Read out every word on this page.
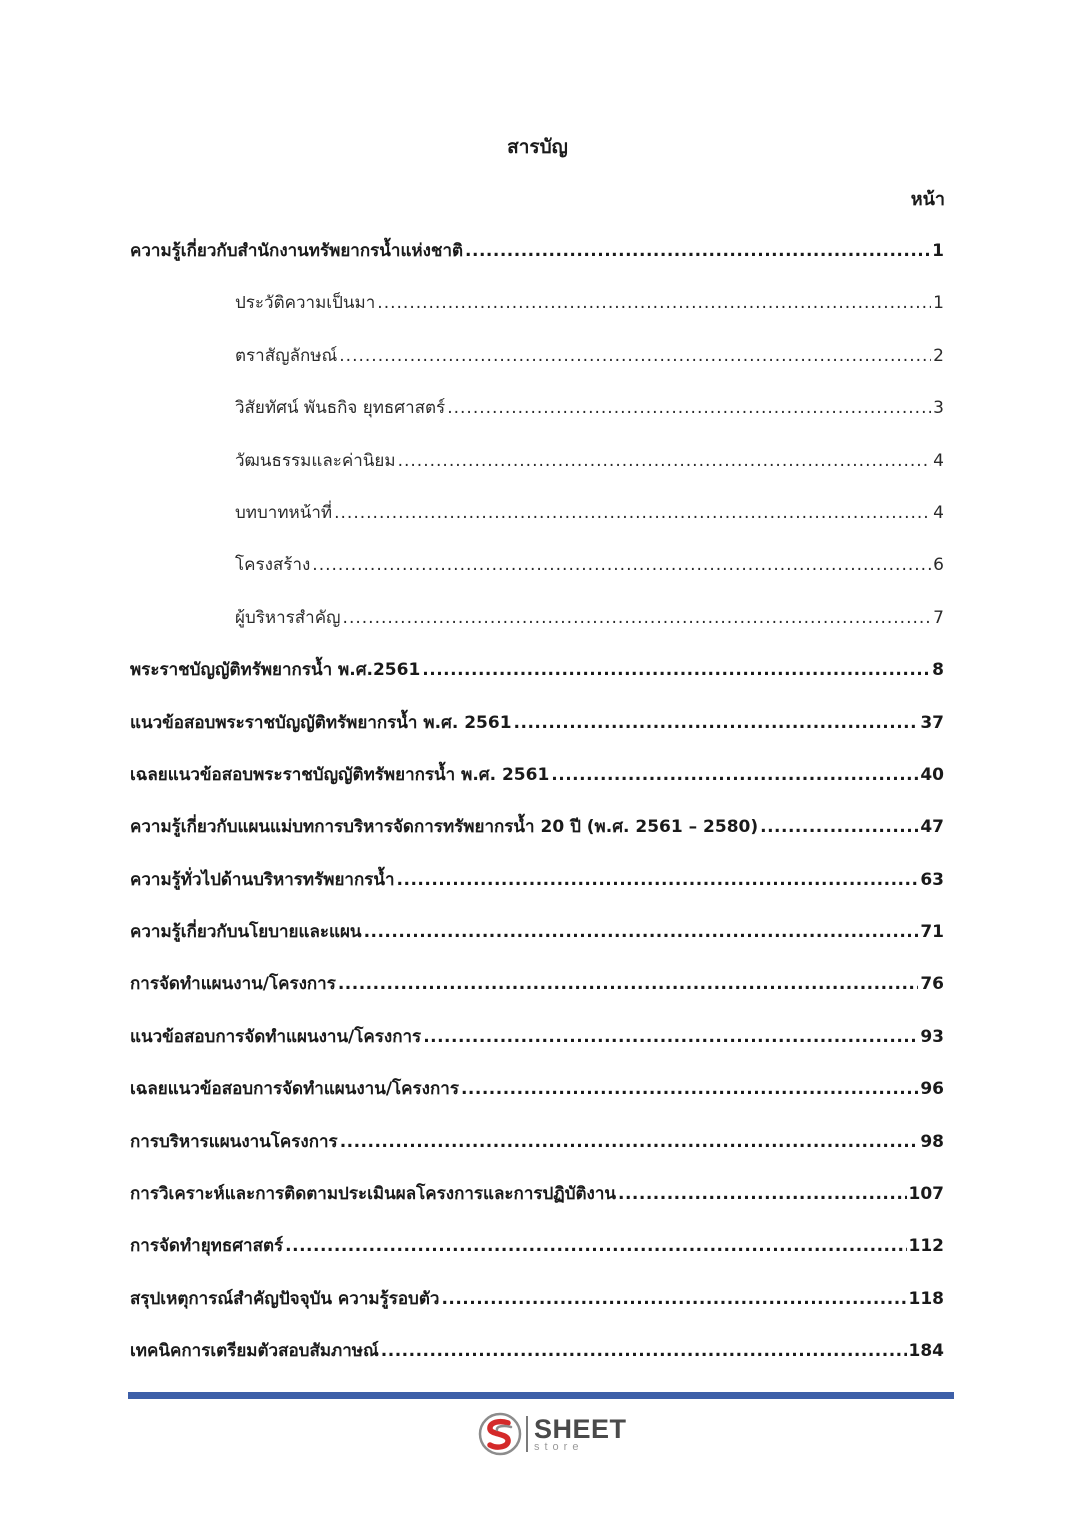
สารบัญ
หน้า
ความรู้เกี่ยวกับสำนักงานทรัพยากรน้ำแห่งชาติ .....	1
ประวัติความเป็นมา .....	1
ตราสัญลักษณ์ .....	2
วิสัยทัศน์ พันธกิจ ยุทธศาสตร์ .....	3
วัฒนธรรมและค่านิยม .....	4
บทบาทหน้าที่ .....	4
โครงสร้าง .....	6
ผู้บริหารสำคัญ .....	7
พระราชบัญญัติทรัพยากรน้ำ พ.ศ.2561 .....	8
แนวข้อสอบพระราชบัญญัติทรัพยากรน้ำ พ.ศ. 2561 .....	37
เฉลยแนวข้อสอบพระราชบัญญัติทรัพยากรน้ำ พ.ศ. 2561 .....	40
ความรู้เกี่ยวกับแผนแม่บทการบริหารจัดการทรัพยากรน้ำ 20 ปี (พ.ศ. 2561 – 2580) .....	47
ความรู้ทั่วไปด้านบริหารทรัพยากรน้ำ .....	63
ความรู้เกี่ยวกับนโยบายและแผน .....	71
การจัดทำแผนงาน/โครงการ .....	76
แนวข้อสอบการจัดทำแผนงาน/โครงการ .....	93
เฉลยแนวข้อสอบการจัดทำแผนงาน/โครงการ .....	96
การบริหารแผนงานโครงการ .....	98
การวิเคราะห์และการติดตามประเมินผลโครงการและการปฏิบัติงาน .....	107
การจัดทำยุทธศาสตร์ .....	112
สรุปเหตุการณ์สำคัญปัจจุบัน ความรู้รอบตัว .....	118
เทคนิคการเตรียมตัวสอบสัมภาษณ์ .....	184
SHEET
store
